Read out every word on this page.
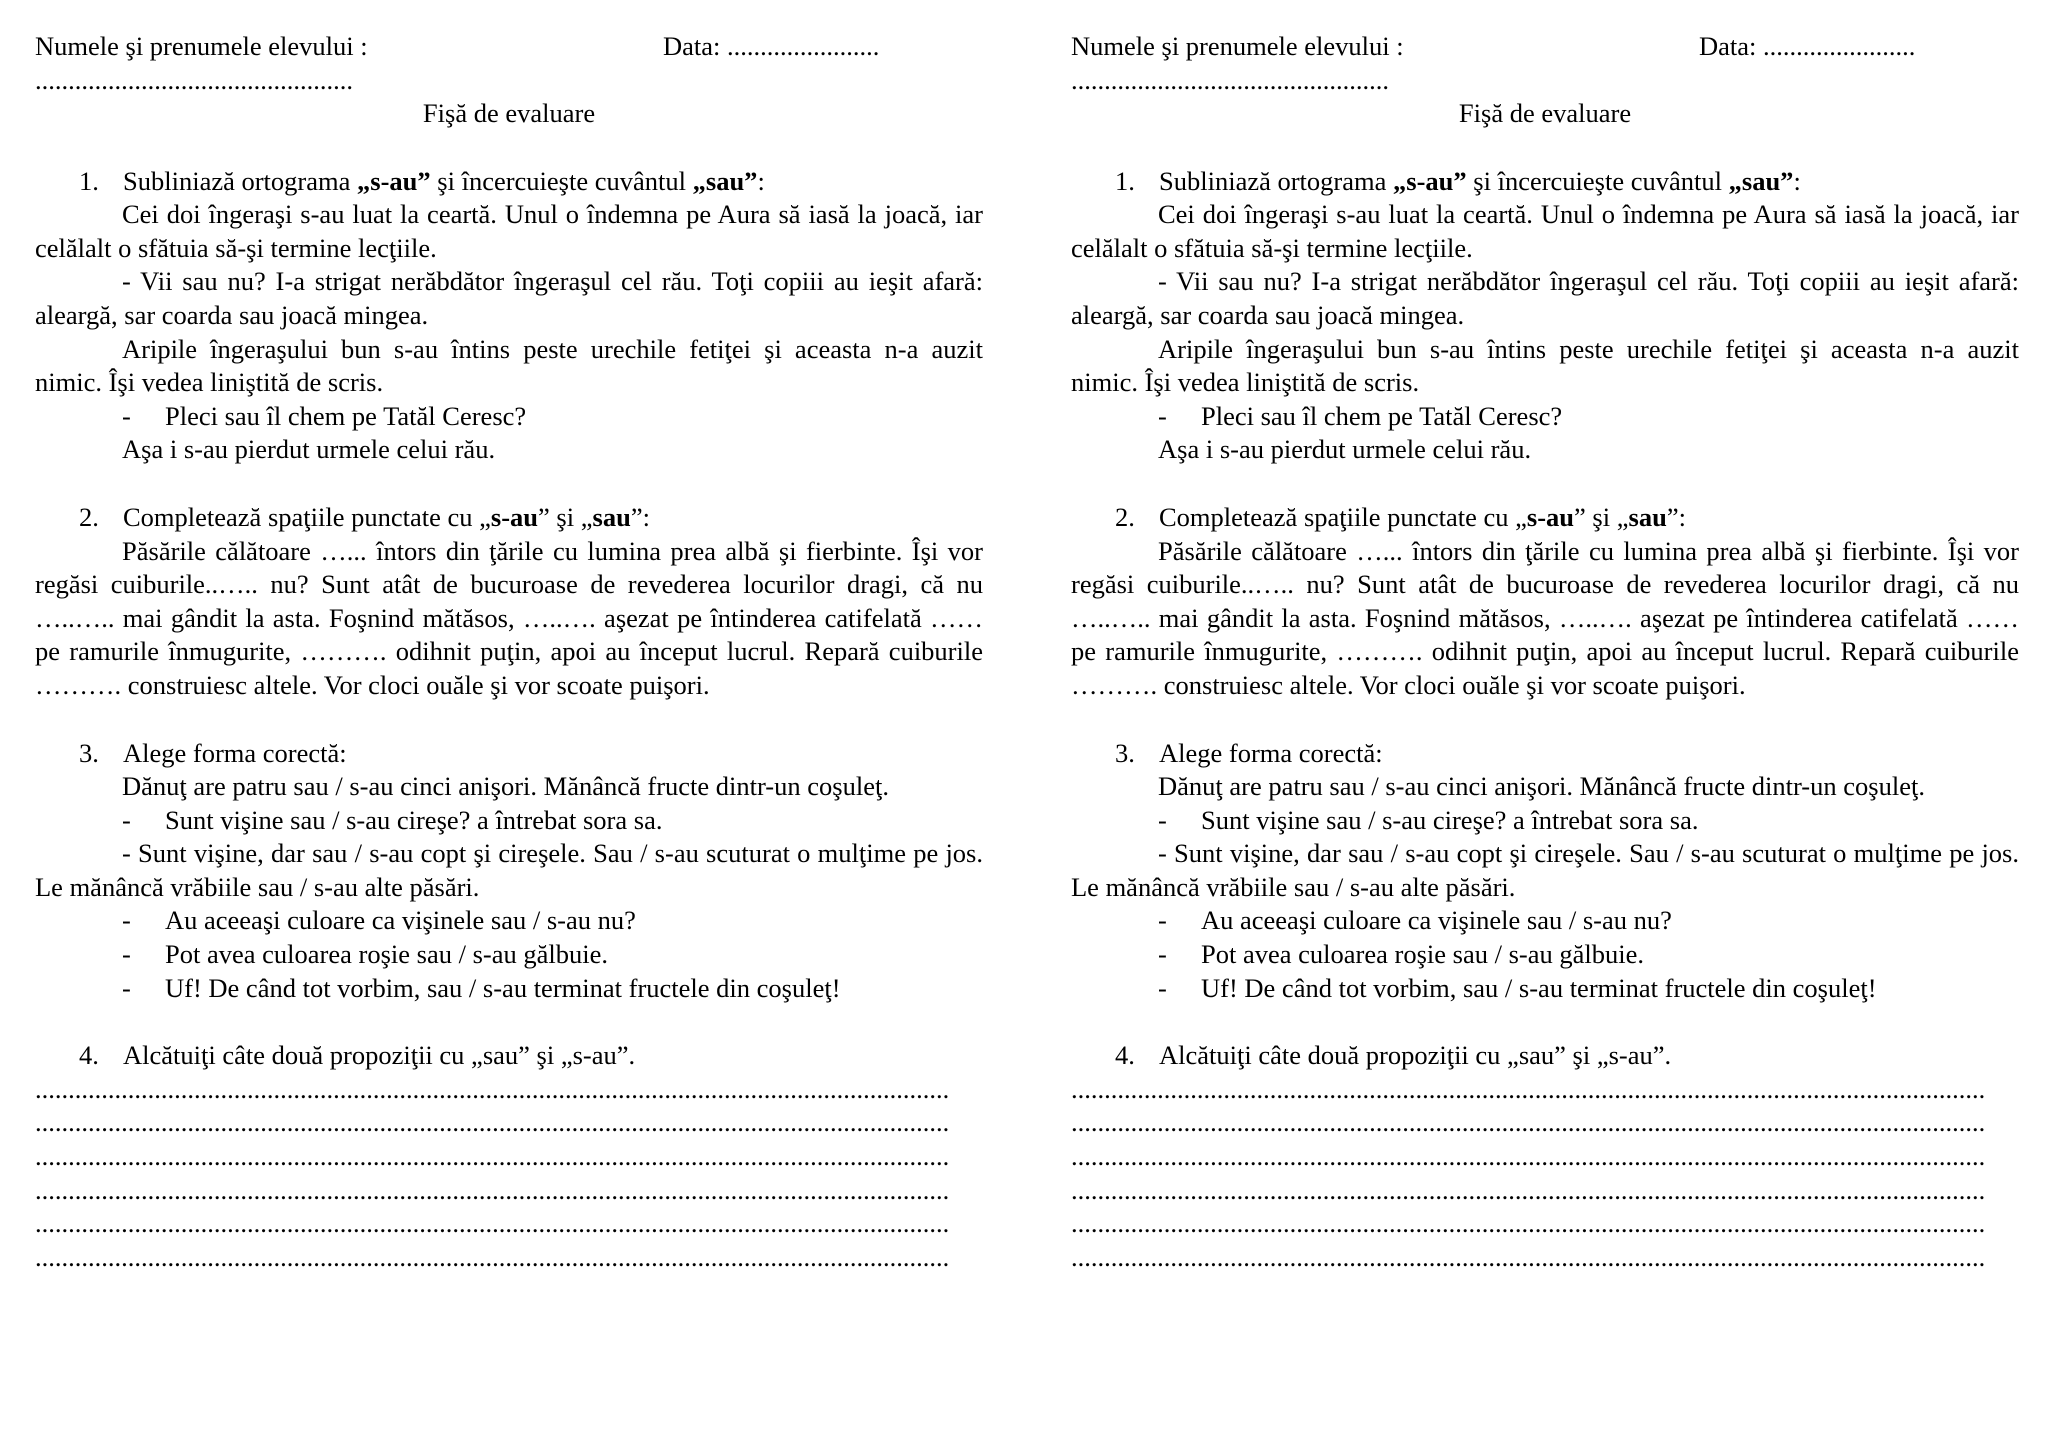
Numele şi prenumele elevului :	Data: .......................
................................................
Fişă de evaluare

1. Subliniază ortograma „s-au” şi încercuieşte cuvântul „sau”:

Cei doi îngeraşi s-au luat la ceartă. Unul o îndemna pe Aura să iasă la joacă, iar celălalt o sfătuia să-şi termine lecţiile.

- Vii sau nu? I-a strigat nerăbdător îngeraşul cel rău. Toţi copiii au ieşit afară: aleargă, sar coarda sau joacă mingea.

Aripile îngeraşului bun s-au întins peste urechile fetiţei şi aceasta n-a auzit nimic. Îşi vedea liniştită de scris.

- Pleci sau îl chem pe Tatăl Ceresc?

Aşa i s-au pierdut urmele celui rău.

2. Completează spaţiile punctate cu „s-au” şi „sau”:

Păsările călătoare …... întors din ţările cu lumina prea albă şi fierbinte. Îşi vor regăsi cuiburile..….. nu? Sunt atât de bucuroase de revederea locurilor dragi, că nu …..….. mai gândit la asta. Foşnind mătăsos, …..…. aşezat pe întinderea catifelată …… pe ramurile înmugurite, ………. odihnit puţin, apoi au început lucrul. Repară cuiburile ………. construiesc altele. Vor cloci ouăle şi vor scoate puişori.

3. Alege forma corectă:

Dănuţ are patru sau / s-au cinci anişori. Mănâncă fructe dintr-un coşuleţ.

- Sunt vişine sau / s-au cireşe? a întrebat sora sa.

- Sunt vişine, dar sau / s-au copt şi cireşele. Sau / s-au scuturat o mulţime pe jos. Le mănâncă vrăbiile sau / s-au alte păsări.

- Au aceeaşi culoare ca vişinele sau / s-au nu?

- Pot avea culoarea roşie sau / s-au gălbuie.

- Uf! De când tot vorbim, sau / s-au terminat fructele din coşuleţ!

4. Alcătuiţi câte două propoziţii cu „sau” şi „s-au”.

..........................................................................................................................................
..........................................................................................................................................
..........................................................................................................................................
..........................................................................................................................................
..........................................................................................................................................
..........................................................................................................................................
Numele şi prenumele elevului :	Data: .......................
................................................
Fişă de evaluare

1. Subliniază ortograma „s-au” şi încercuieşte cuvântul „sau”:

Cei doi îngeraşi s-au luat la ceartă. Unul o îndemna pe Aura să iasă la joacă, iar celălalt o sfătuia să-şi termine lecţiile.

- Vii sau nu? I-a strigat nerăbdător îngeraşul cel rău. Toţi copiii au ieşit afară: aleargă, sar coarda sau joacă mingea.

Aripile îngeraşului bun s-au întins peste urechile fetiţei şi aceasta n-a auzit nimic. Îşi vedea liniştită de scris.

- Pleci sau îl chem pe Tatăl Ceresc?

Aşa i s-au pierdut urmele celui rău.

2. Completează spaţiile punctate cu „s-au” şi „sau”:

Păsările călătoare …... întors din ţările cu lumina prea albă şi fierbinte. Îşi vor regăsi cuiburile..….. nu? Sunt atât de bucuroase de revederea locurilor dragi, că nu …..….. mai gândit la asta. Foşnind mătăsos, …..…. aşezat pe întinderea catifelată …… pe ramurile înmugurite, ………. odihnit puţin, apoi au început lucrul. Repară cuiburile ………. construiesc altele. Vor cloci ouăle şi vor scoate puişori.

3. Alege forma corectă:

Dănuţ are patru sau / s-au cinci anişori. Mănâncă fructe dintr-un coşuleţ.

- Sunt vişine sau / s-au cireşe? a întrebat sora sa.

- Sunt vişine, dar sau / s-au copt şi cireşele. Sau / s-au scuturat o mulţime pe jos. Le mănâncă vrăbiile sau / s-au alte păsări.

- Au aceeaşi culoare ca vişinele sau / s-au nu?

- Pot avea culoarea roşie sau / s-au gălbuie.

- Uf! De când tot vorbim, sau / s-au terminat fructele din coşuleţ!

4. Alcătuiţi câte două propoziţii cu „sau” şi „s-au”.

..........................................................................................................................................
..........................................................................................................................................
..........................................................................................................................................
..........................................................................................................................................
..........................................................................................................................................
..........................................................................................................................................
